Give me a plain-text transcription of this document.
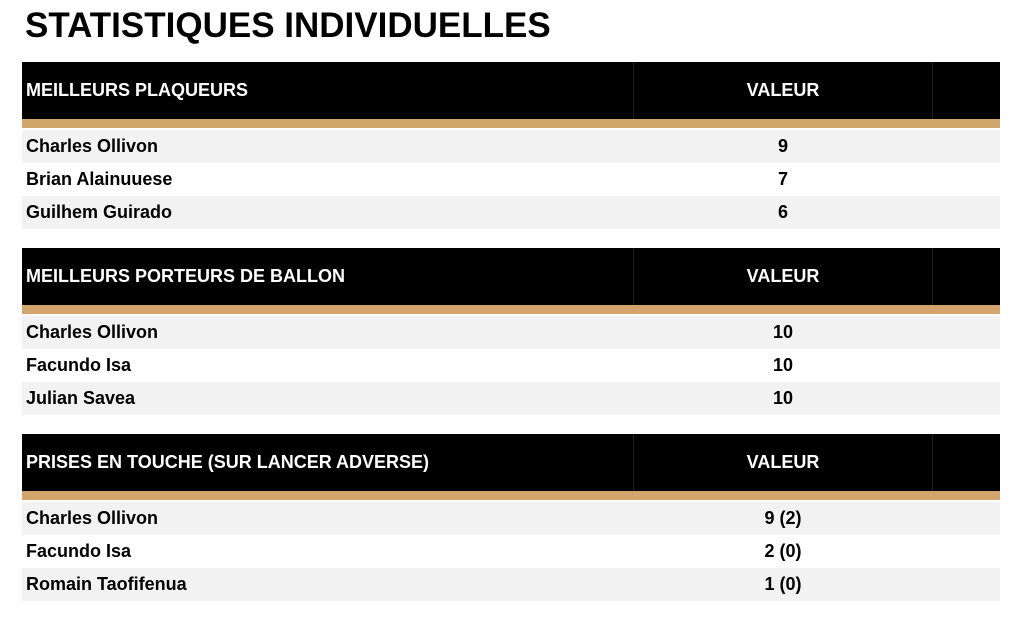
STATISTIQUES INDIVIDUELLES
MEILLEURS PLAQUEURS	VALEUR
Charles Ollivon	9
Brian Alainuuese	7
Guilhem Guirado	6
MEILLEURS PORTEURS DE BALLON	VALEUR
Charles Ollivon	10
Facundo Isa	10
Julian Savea	10
PRISES EN TOUCHE (SUR LANCER ADVERSE)	VALEUR
Charles Ollivon	9 (2)
Facundo Isa	2 (0)
Romain Taofifenua	1 (0)
